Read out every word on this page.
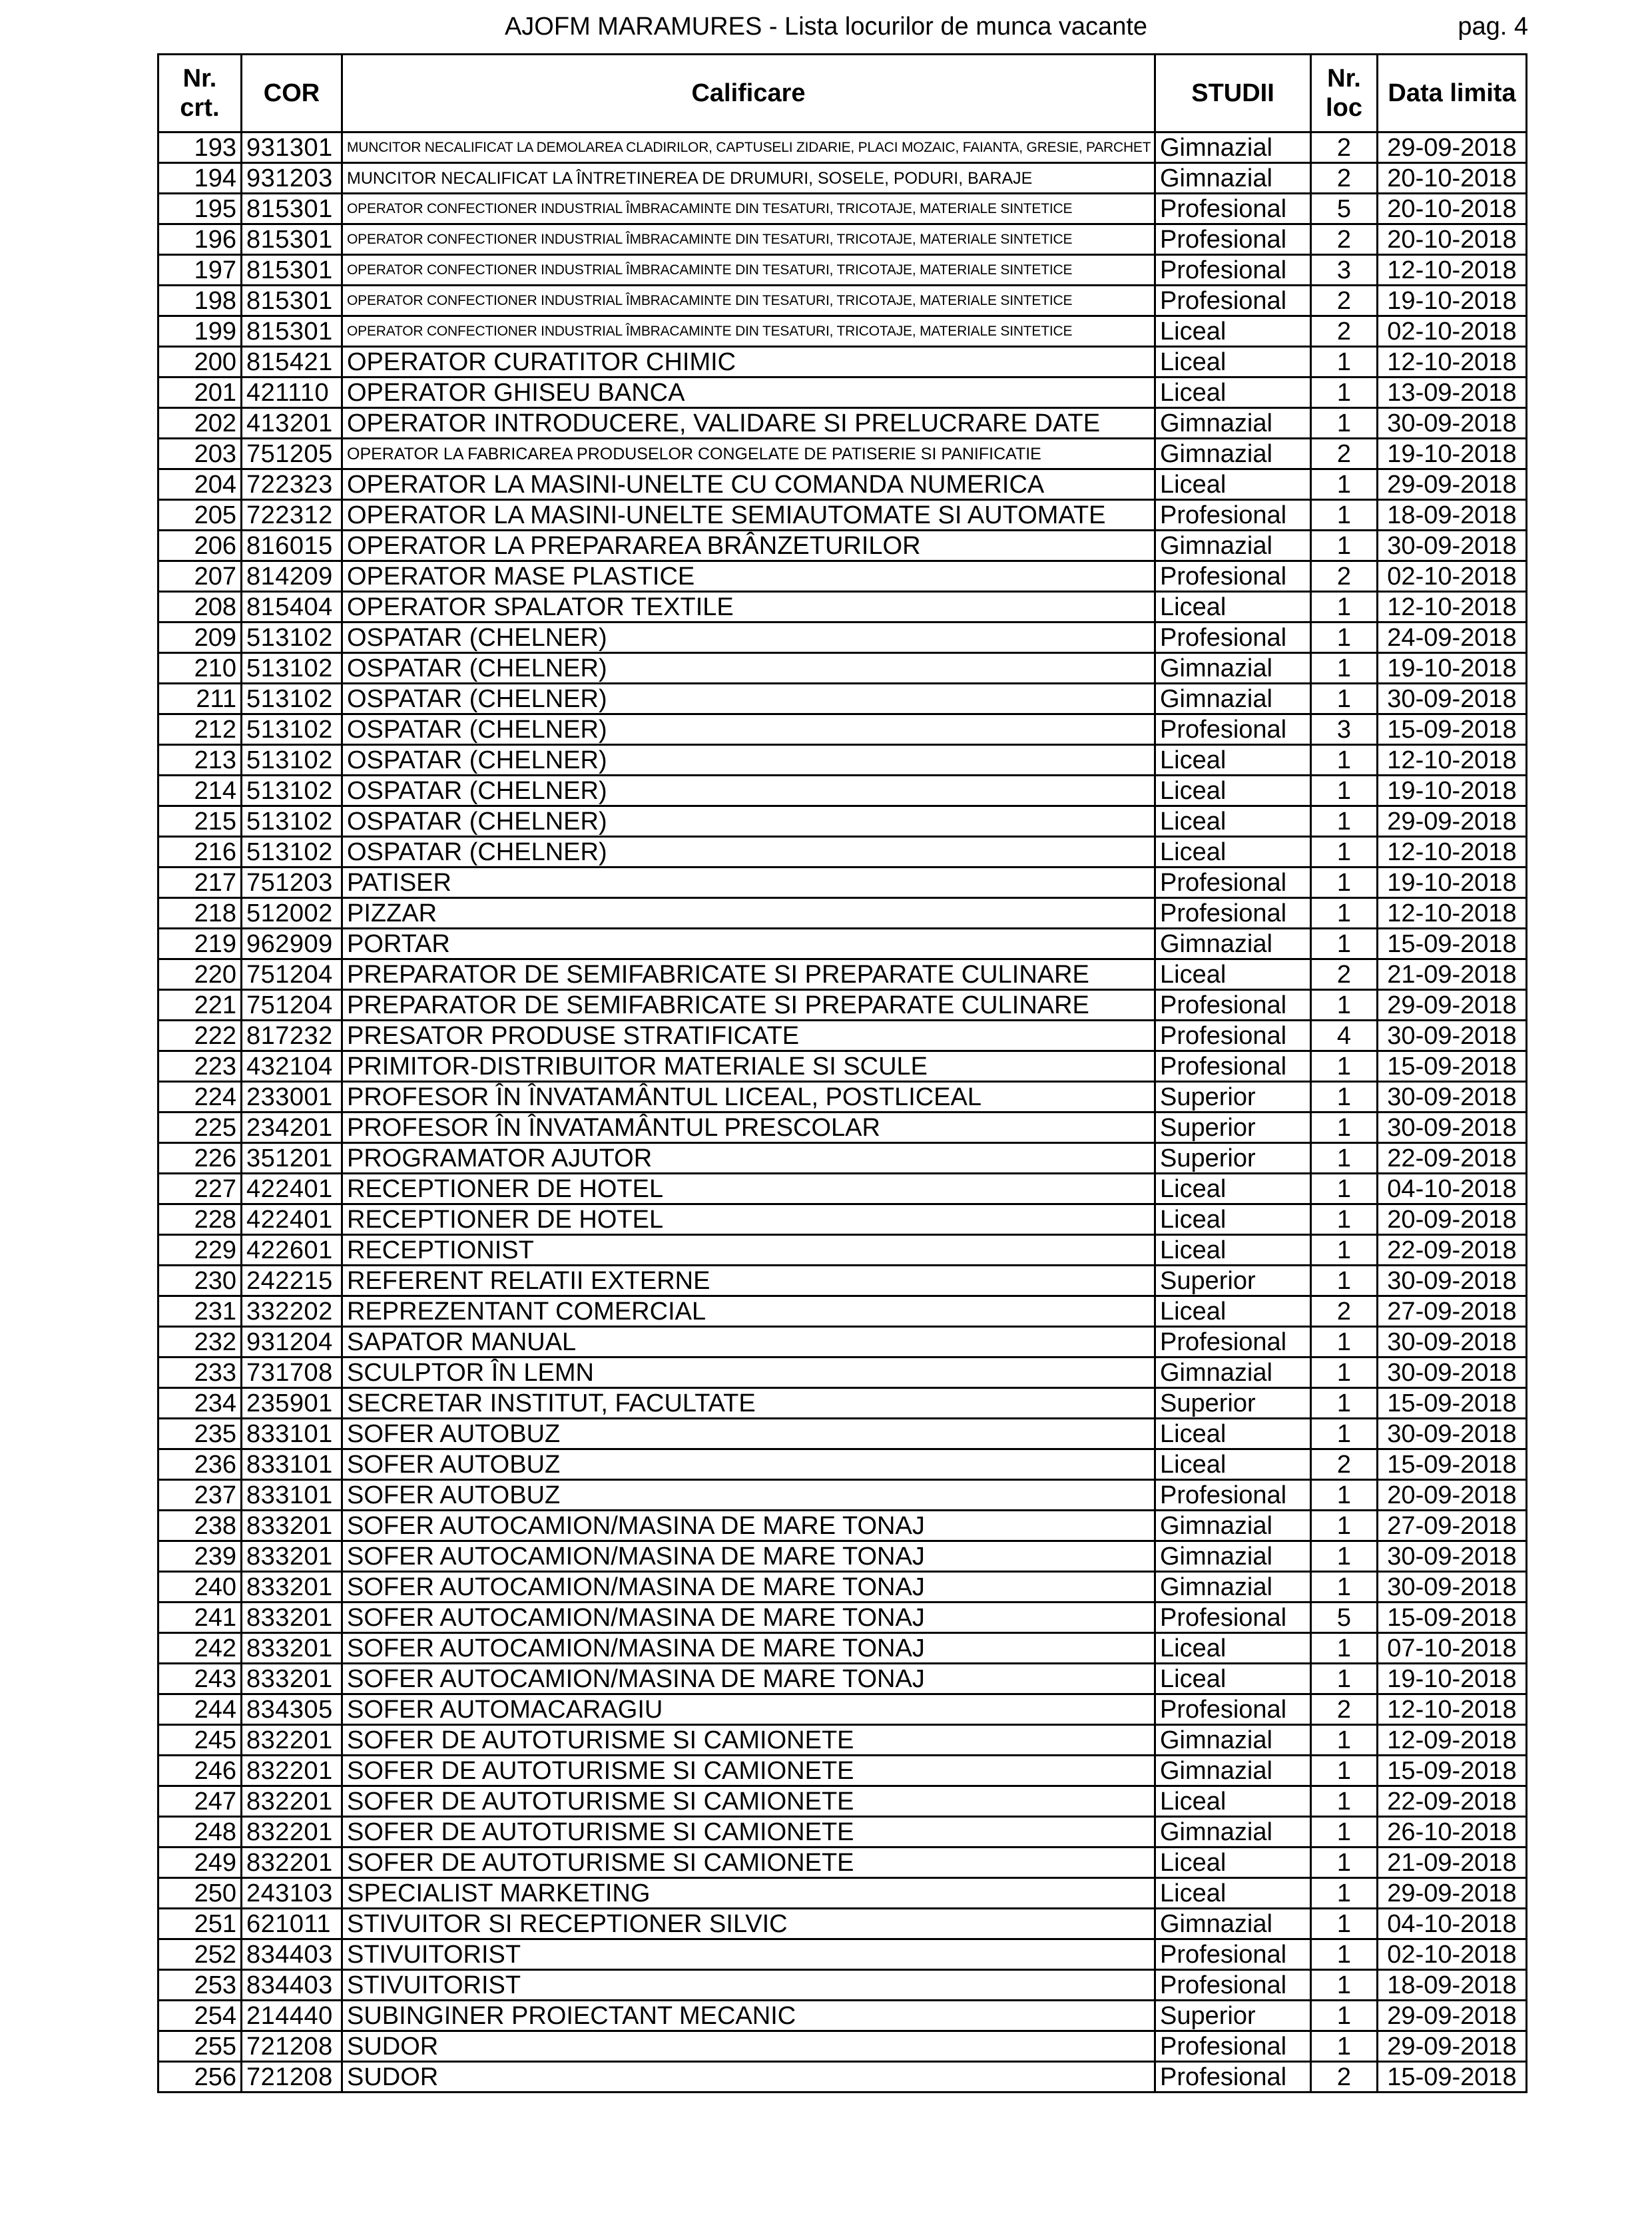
AJOFM MARAMURES - Lista locurilor de munca vacante	pag. 4
Nr.
crt.	COR	Calificare	STUDII	Nr.
loc	Data limita
193	931301	MUNCITOR NECALIFICAT LA DEMOLAREA CLADIRILOR, CAPTUSELI ZIDARIE, PLACI MOZAIC, FAIANTA, GRESIE, PARCHET	Gimnazial	2	29-09-2018
194	931203	MUNCITOR NECALIFICAT LA ÎNTRETINEREA DE DRUMURI, SOSELE, PODURI, BARAJE	Gimnazial	2	20-10-2018
195	815301	OPERATOR CONFECTIONER INDUSTRIAL ÎMBRACAMINTE DIN TESATURI, TRICOTAJE, MATERIALE SINTETICE	Profesional	5	20-10-2018
196	815301	OPERATOR CONFECTIONER INDUSTRIAL ÎMBRACAMINTE DIN TESATURI, TRICOTAJE, MATERIALE SINTETICE	Profesional	2	20-10-2018
197	815301	OPERATOR CONFECTIONER INDUSTRIAL ÎMBRACAMINTE DIN TESATURI, TRICOTAJE, MATERIALE SINTETICE	Profesional	3	12-10-2018
198	815301	OPERATOR CONFECTIONER INDUSTRIAL ÎMBRACAMINTE DIN TESATURI, TRICOTAJE, MATERIALE SINTETICE	Profesional	2	19-10-2018
199	815301	OPERATOR CONFECTIONER INDUSTRIAL ÎMBRACAMINTE DIN TESATURI, TRICOTAJE, MATERIALE SINTETICE	Liceal	2	02-10-2018
200	815421	OPERATOR CURATITOR CHIMIC	Liceal	1	12-10-2018
201	421110	OPERATOR GHISEU BANCA	Liceal	1	13-09-2018
202	413201	OPERATOR INTRODUCERE, VALIDARE SI PRELUCRARE DATE	Gimnazial	1	30-09-2018
203	751205	OPERATOR LA FABRICAREA PRODUSELOR CONGELATE DE PATISERIE SI PANIFICATIE	Gimnazial	2	19-10-2018
204	722323	OPERATOR LA MASINI-UNELTE CU COMANDA NUMERICA	Liceal	1	29-09-2018
205	722312	OPERATOR LA MASINI-UNELTE SEMIAUTOMATE SI AUTOMATE	Profesional	1	18-09-2018
206	816015	OPERATOR LA PREPARAREA BRÂNZETURILOR	Gimnazial	1	30-09-2018
207	814209	OPERATOR MASE PLASTICE	Profesional	2	02-10-2018
208	815404	OPERATOR SPALATOR TEXTILE	Liceal	1	12-10-2018
209	513102	OSPATAR (CHELNER)	Profesional	1	24-09-2018
210	513102	OSPATAR (CHELNER)	Gimnazial	1	19-10-2018
211	513102	OSPATAR (CHELNER)	Gimnazial	1	30-09-2018
212	513102	OSPATAR (CHELNER)	Profesional	3	15-09-2018
213	513102	OSPATAR (CHELNER)	Liceal	1	12-10-2018
214	513102	OSPATAR (CHELNER)	Liceal	1	19-10-2018
215	513102	OSPATAR (CHELNER)	Liceal	1	29-09-2018
216	513102	OSPATAR (CHELNER)	Liceal	1	12-10-2018
217	751203	PATISER	Profesional	1	19-10-2018
218	512002	PIZZAR	Profesional	1	12-10-2018
219	962909	PORTAR	Gimnazial	1	15-09-2018
220	751204	PREPARATOR DE SEMIFABRICATE SI PREPARATE CULINARE	Liceal	2	21-09-2018
221	751204	PREPARATOR DE SEMIFABRICATE SI PREPARATE CULINARE	Profesional	1	29-09-2018
222	817232	PRESATOR PRODUSE STRATIFICATE	Profesional	4	30-09-2018
223	432104	PRIMITOR-DISTRIBUITOR MATERIALE SI SCULE	Profesional	1	15-09-2018
224	233001	PROFESOR ÎN ÎNVATAMÂNTUL LICEAL, POSTLICEAL	Superior	1	30-09-2018
225	234201	PROFESOR ÎN ÎNVATAMÂNTUL PRESCOLAR	Superior	1	30-09-2018
226	351201	PROGRAMATOR AJUTOR	Superior	1	22-09-2018
227	422401	RECEPTIONER DE HOTEL	Liceal	1	04-10-2018
228	422401	RECEPTIONER DE HOTEL	Liceal	1	20-09-2018
229	422601	RECEPTIONIST	Liceal	1	22-09-2018
230	242215	REFERENT RELATII EXTERNE	Superior	1	30-09-2018
231	332202	REPREZENTANT COMERCIAL	Liceal	2	27-09-2018
232	931204	SAPATOR MANUAL	Profesional	1	30-09-2018
233	731708	SCULPTOR ÎN LEMN	Gimnazial	1	30-09-2018
234	235901	SECRETAR INSTITUT, FACULTATE	Superior	1	15-09-2018
235	833101	SOFER AUTOBUZ	Liceal	1	30-09-2018
236	833101	SOFER AUTOBUZ	Liceal	2	15-09-2018
237	833101	SOFER AUTOBUZ	Profesional	1	20-09-2018
238	833201	SOFER AUTOCAMION/MASINA DE MARE TONAJ	Gimnazial	1	27-09-2018
239	833201	SOFER AUTOCAMION/MASINA DE MARE TONAJ	Gimnazial	1	30-09-2018
240	833201	SOFER AUTOCAMION/MASINA DE MARE TONAJ	Gimnazial	1	30-09-2018
241	833201	SOFER AUTOCAMION/MASINA DE MARE TONAJ	Profesional	5	15-09-2018
242	833201	SOFER AUTOCAMION/MASINA DE MARE TONAJ	Liceal	1	07-10-2018
243	833201	SOFER AUTOCAMION/MASINA DE MARE TONAJ	Liceal	1	19-10-2018
244	834305	SOFER AUTOMACARAGIU	Profesional	2	12-10-2018
245	832201	SOFER DE AUTOTURISME SI CAMIONETE	Gimnazial	1	12-09-2018
246	832201	SOFER DE AUTOTURISME SI CAMIONETE	Gimnazial	1	15-09-2018
247	832201	SOFER DE AUTOTURISME SI CAMIONETE	Liceal	1	22-09-2018
248	832201	SOFER DE AUTOTURISME SI CAMIONETE	Gimnazial	1	26-10-2018
249	832201	SOFER DE AUTOTURISME SI CAMIONETE	Liceal	1	21-09-2018
250	243103	SPECIALIST MARKETING	Liceal	1	29-09-2018
251	621011	STIVUITOR SI RECEPTIONER SILVIC	Gimnazial	1	04-10-2018
252	834403	STIVUITORIST	Profesional	1	02-10-2018
253	834403	STIVUITORIST	Profesional	1	18-09-2018
254	214440	SUBINGINER PROIECTANT MECANIC	Superior	1	29-09-2018
255	721208	SUDOR	Profesional	1	29-09-2018
256	721208	SUDOR	Profesional	2	15-09-2018
